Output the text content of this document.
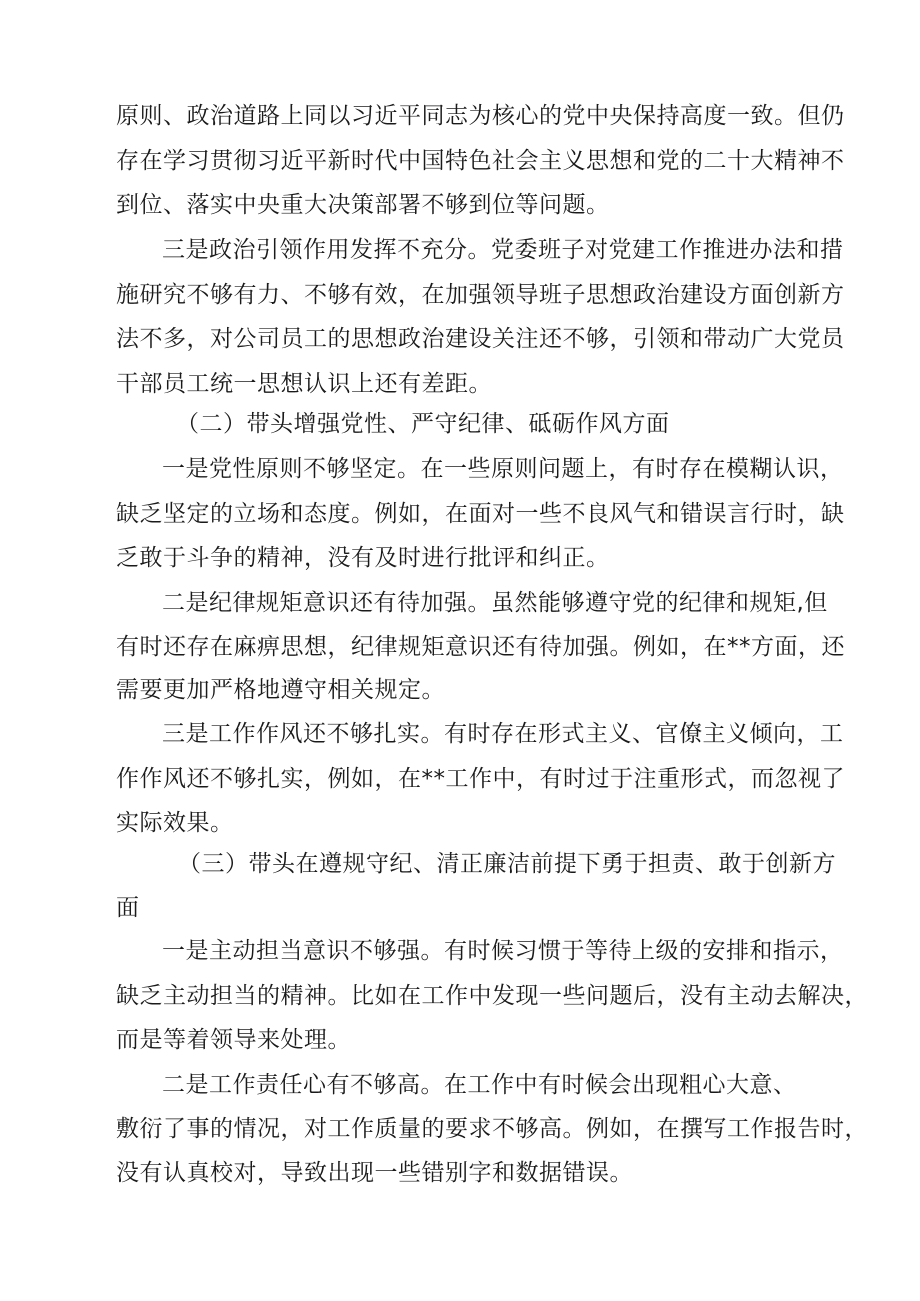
原则、政治道路上同以习近平同志为核心的党中央保持高度一致。但仍
存在学习贯彻习近平新时代中国特色社会主义思想和党的二十大精神不
到位、落实中央重大决策部署不够到位等问题。
三是政治引领作用发挥不充分。党委班子对党建工作推进办法和措
施研究不够有力、不够有效，在加强领导班子思想政治建设方面创新方
法不多，对公司员工的思想政治建设关注还不够，引领和带动广大党员
干部员工统一思想认识上还有差距。
（二）带头增强党性、严守纪律、砥砺作风方面
一是党性原则不够坚定。在一些原则问题上，有时存在模糊认识，
缺乏坚定的立场和态度。例如，在面对一些不良风气和错误言行时，缺
乏敢于斗争的精神，没有及时进行批评和纠正。
二是纪律规矩意识还有待加强。虽然能够遵守党的纪律和规矩,但
有时还存在麻痹思想，纪律规矩意识还有待加强。例如，在**方面，还
需要更加严格地遵守相关规定。
三是工作作风还不够扎实。有时存在形式主义、官僚主义倾向，工
作作风还不够扎实，例如，在**工作中，有时过于注重形式，而忽视了
实际效果。
（三）带头在遵规守纪、清正廉洁前提下勇于担责、敢于创新方
面
一是主动担当意识不够强。有时候习惯于等待上级的安排和指示，
缺乏主动担当的精神。比如在工作中发现一些问题后，没有主动去解决，
而是等着领导来处理。
二是工作责任心有不够高。在工作中有时候会出现粗心大意、
敷衍了事的情况，对工作质量的要求不够高。例如，在撰写工作报告时，
没有认真校对，导致出现一些错别字和数据错误。
